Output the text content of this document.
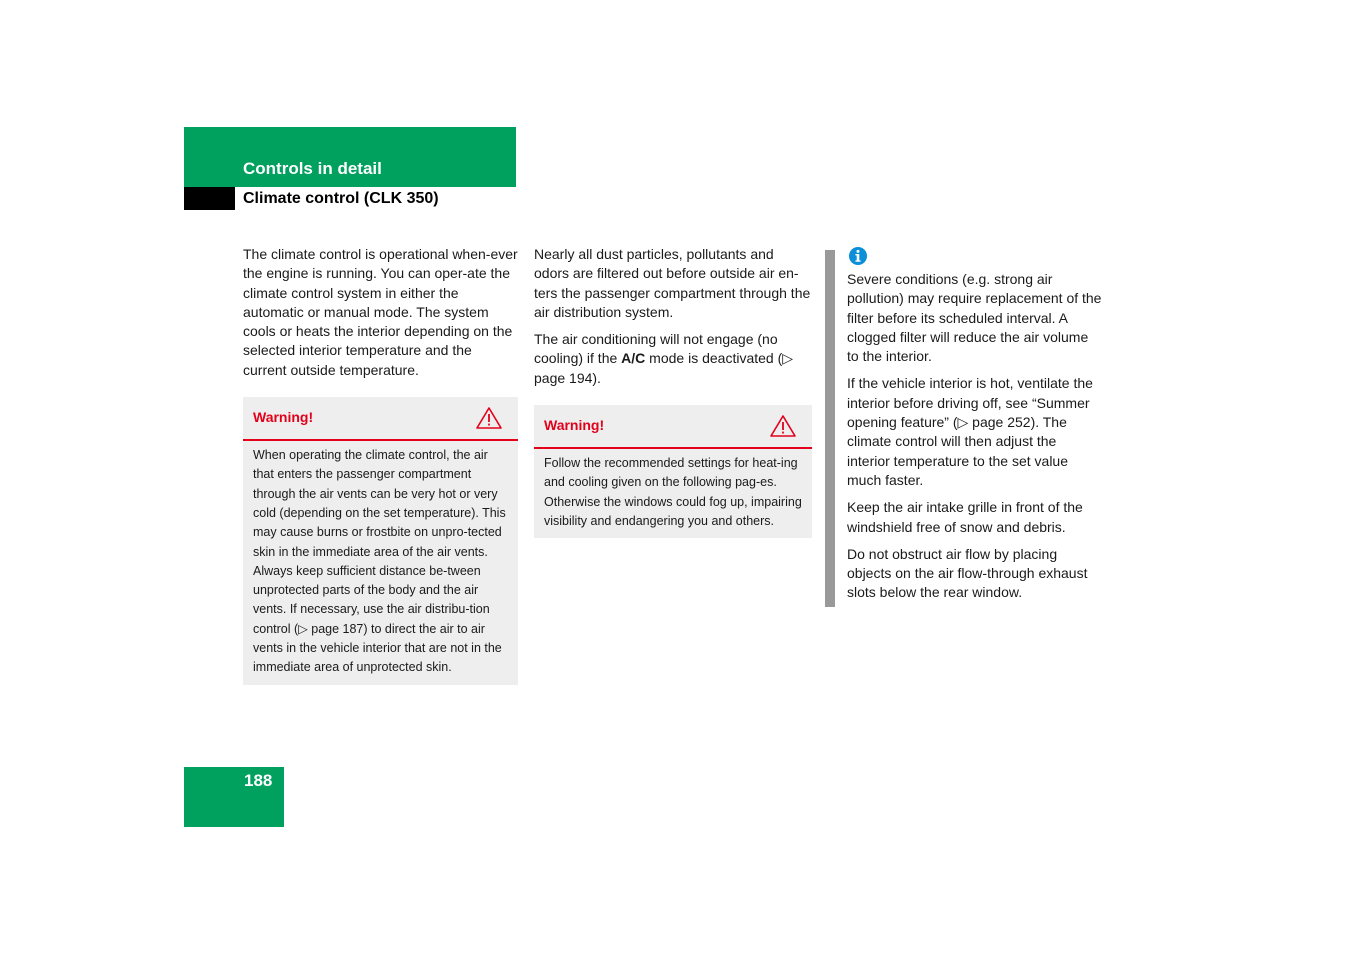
Controls in detail
Climate control (CLK 350)

The climate control is operational when-ever the engine is running. You can oper-ate the climate control system in either the automatic or manual mode. The system cools or heats the interior depending on the selected interior temperature and the current outside temperature.

Warning!

When operating the climate control, the air that enters the passenger compartment through the air vents can be very hot or very cold (depending on the set temperature). This may cause burns or frostbite on unpro-tected skin in the immediate area of the air vents. Always keep sufficient distance be-tween unprotected parts of the body and the air vents. If necessary, use the air distribu-tion control (▷ page 187) to direct the air to air vents in the vehicle interior that are not in the immediate area of unprotected skin.

Nearly all dust particles, pollutants and odors are filtered out before outside air en-ters the passenger compartment through the air distribution system.

The air conditioning will not engage (no cooling) if the A/C mode is deactivated (▷ page 194).

Warning!

Follow the recommended settings for heat-ing and cooling given on the following pag-es. Otherwise the windows could fog up, impairing visibility and endangering you and others.

Severe conditions (e.g. strong air pollution) may require replacement of the filter before its scheduled interval. A clogged filter will reduce the air volume to the interior.

If the vehicle interior is hot, ventilate the interior before driving off, see “Summer opening feature” (▷ page 252). The climate control will then adjust the interior temperature to the set value much faster.

Keep the air intake grille in front of the windshield free of snow and debris.

Do not obstruct air flow by placing objects on the air flow-through exhaust slots below the rear window.

188
